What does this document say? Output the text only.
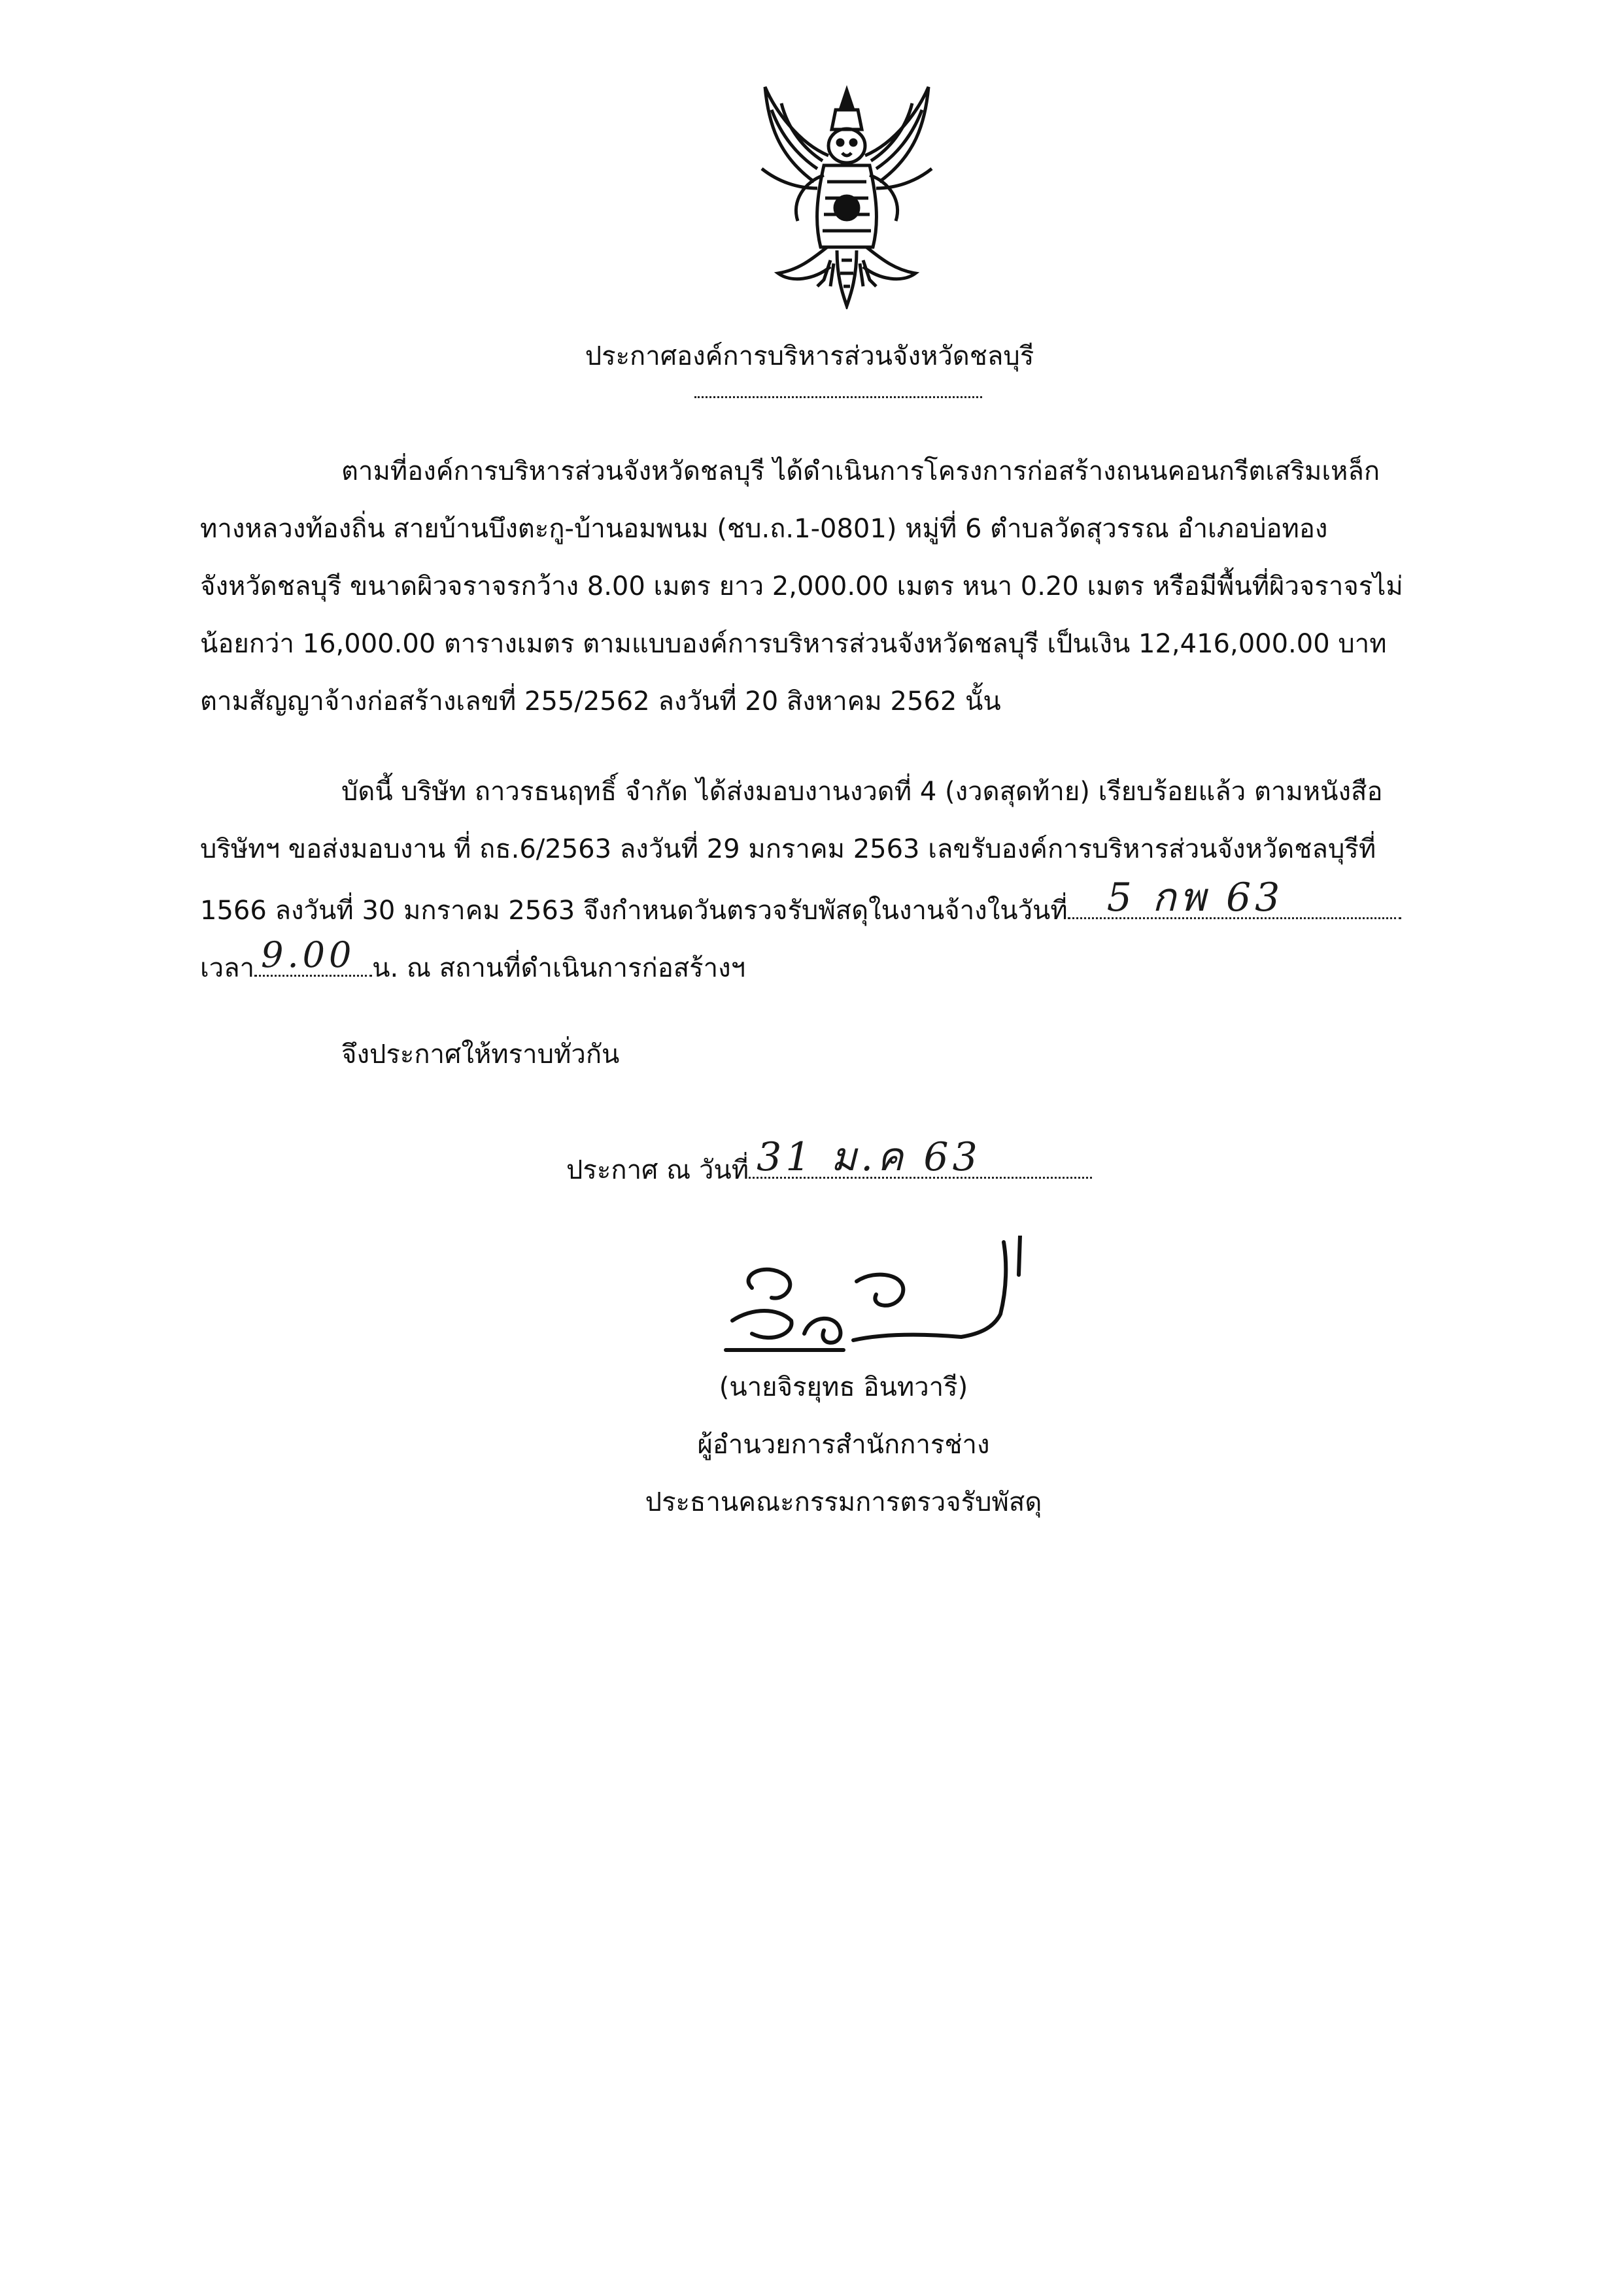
ประกาศองค์การบริหารส่วนจังหวัดชลบุรี
ตามที่องค์การบริหารส่วนจังหวัดชลบุรี ได้ดำเนินการโครงการก่อสร้างถนนคอนกรีตเสริมเหล็ก
ทางหลวงท้องถิ่น สายบ้านบึงตะกู-บ้านอมพนม (ชบ.ถ.1-0801) หมู่ที่ 6 ตำบลวัดสุวรรณ อำเภอบ่อทอง
จังหวัดชลบุรี ขนาดผิวจราจรกว้าง 8.00 เมตร ยาว 2,000.00 เมตร หนา 0.20 เมตร หรือมีพื้นที่ผิวจราจรไม่
น้อยกว่า 16,000.00 ตารางเมตร ตามแบบองค์การบริหารส่วนจังหวัดชลบุรี เป็นเงิน 12,416,000.00 บาท
ตามสัญญาจ้างก่อสร้างเลขที่ 255/2562 ลงวันที่ 20 สิงหาคม 2562 นั้น
บัดนี้ บริษัท ถาวรธนฤทธิ์ จำกัด ได้ส่งมอบงานงวดที่ 4 (งวดสุดท้าย) เรียบร้อยแล้ว ตามหนังสือ
บริษัทฯ ขอส่งมอบงาน ที่ ถธ.6/2563 ลงวันที่ 29 มกราคม 2563 เลขรับองค์การบริหารส่วนจังหวัดชลบุรีที่
1566 ลงวันที่ 30 มกราคม 2563 จึงกำหนดวันตรวจรับพัสดุในงานจ้างในวันที่ 5 กพ 63
เวลา 9.00 น. ณ สถานที่ดำเนินการก่อสร้างฯ
จึงประกาศให้ทราบทั่วกัน
ประกาศ ณ วันที่ 31 ม.ค 63
(นายจิรยุทธ อินทวารี)
ผู้อำนวยการสำนักการช่าง
ประธานคณะกรรมการตรวจรับพัสดุ
